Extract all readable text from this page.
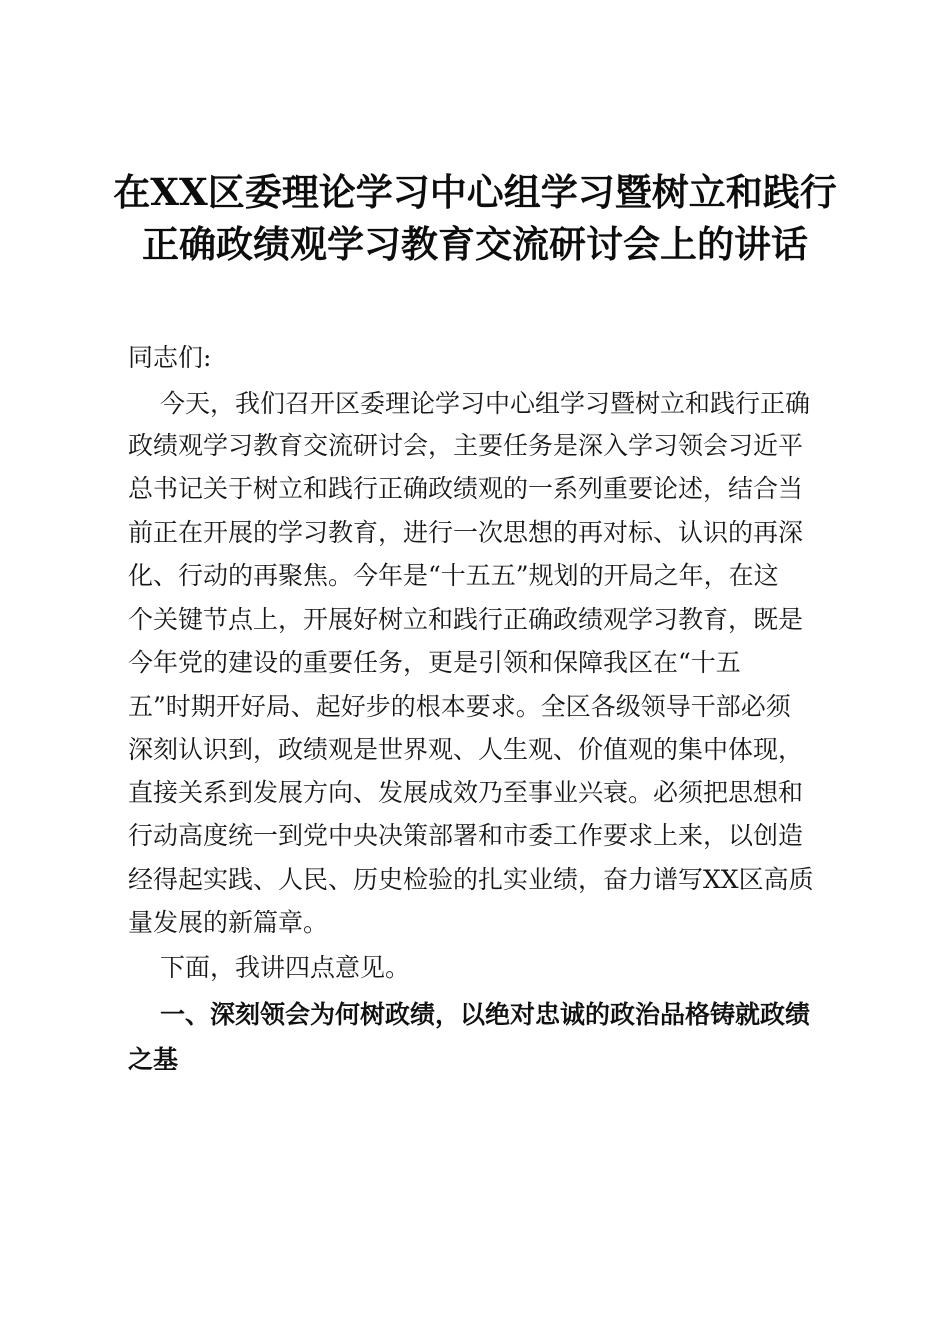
在XX区委理论学习中心组学习暨树立和践行
正确政绩观学习教育交流研讨会上的讲话
同志们:
今天，我们召开区委理论学习中心组学习暨树立和践行正确
政绩观学习教育交流研讨会，主要任务是深入学习领会习近平
总书记关于树立和践行正确政绩观的一系列重要论述，结合当
前正在开展的学习教育，进行一次思想的再对标、认识的再深
化、行动的再聚焦。今年是“十五五”规划的开局之年，在这
个关键节点上，开展好树立和践行正确政绩观学习教育，既是
今年党的建设的重要任务，更是引领和保障我区在“十五
五”时期开好局、起好步的根本要求。全区各级领导干部必须
深刻认识到，政绩观是世界观、人生观、价值观的集中体现，
直接关系到发展方向、发展成效乃至事业兴衰。必须把思想和
行动高度统一到党中央决策部署和市委工作要求上来，以创造
经得起实践、人民、历史检验的扎实业绩，奋力谱写XX区高质
量发展的新篇章。
下面，我讲四点意见。
一、深刻领会为何树政绩，以绝对忠诚的政治品格铸就政绩
之基
